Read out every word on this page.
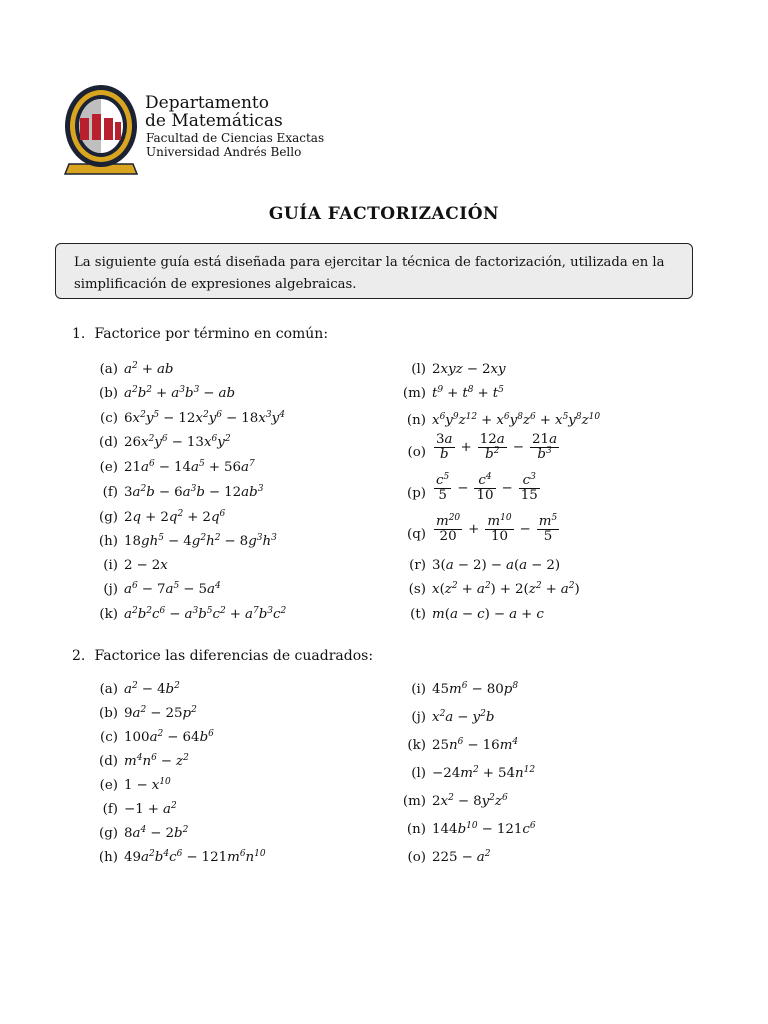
Departamento
de Matemáticas
Facultad de Ciencias Exactas
Universidad Andrés Bello
GUÍA FACTORIZACIÓN
La siguiente guía está diseñada para ejercitar la técnica de factorización, utilizada en la simplificación de expresiones algebraicas.
1. Factorice por término en común:
(a) $a^2$ + ab
(b) $a^2b^2 + a^3b^3$ − ab
(c) $6x^2y^5 - 12x^2y^6 - 18x^3y^4$
(d) $26x^2y^6 - 13x^6y^2$
(e) $21a^6 - 14a^5 + 56a^7$
(f) $3a^2b - 6a^3b - 12ab^3$
(g) $2q + 2q^2 + 2q^6$
(h) $18gh^5 - 4g^2h^2 - 8g^3h^3$
(i) 2 − 2x
(j) $a^6 - 7a^5 - 5a^4$
(k) $a^2b^2c^6 - a^3b^5c^2 + a^7b^3c^2$
(l) 2xyz − 2xy
(m) $t^9 + t^8 + t^5$
(n) $x^6y^9z^{12} + x^6y^8z^6 + x^5y^8z^{10}$
$(o) \frac{3a}{b} + \frac{12a}{b^2} - \frac{21a}{b^3}$
$(p) \frac{c^5}{5} - \frac{c^4}{10} - \frac{c^3}{15}$
$(q) \frac{m^{20}}{20} + \frac{m^{10}}{10} - \frac{m^5}{5}$
(r) 3(a − 2) − a(a − 2)
(s) $x(z^2 + a^2) + 2(z^2 + a^2)$
(t) m(a − c) − a + c
2. Factorice las diferencias de cuadrados:
(a) $a^2 - 4b^2$
(b) $9a^2 - 25p^2$
(c) $100a^2 - 64b^6$
(d) $m^4n^6 - z^2$
(e) $1 - x^{10}$
$(f) -1 + a^2$
(g) $8a^4 - 2b^2$
(h) $49a^2b^4c^6 - 121m^6n^{10}$
(i) $45m^6 - 80p^8$
(j) $x^2a - y^2b$
(k) $25n^6 - 16m^4$
$(l) -24m^2 + 54n^{12}$
(m) $2x^2 - 8y^2z^6$
(n) $144b^{10} - 121c^6$
(o) $225 - a^2$
